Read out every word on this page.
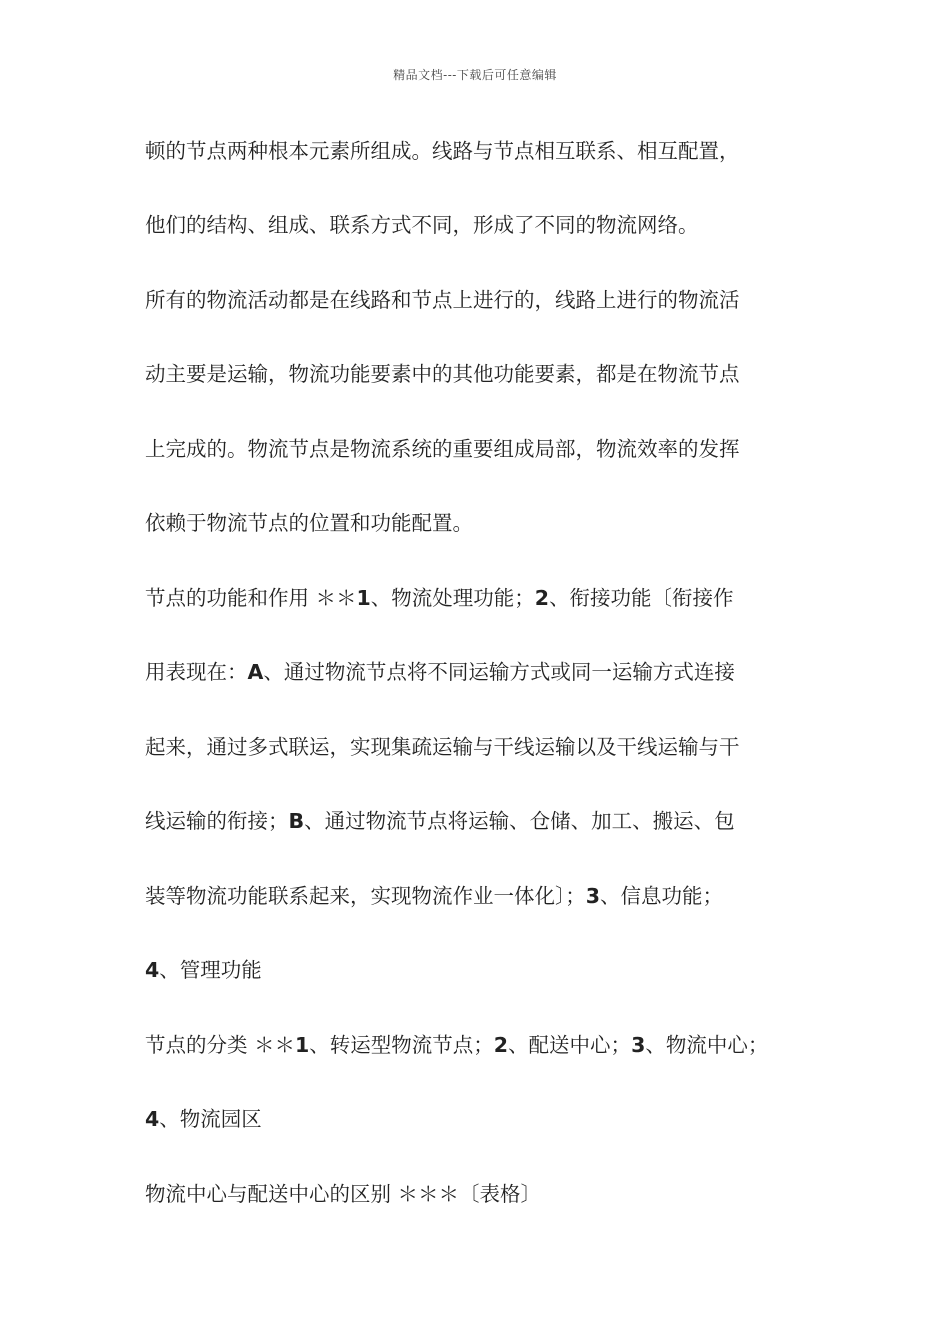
精品文档---下载后可任意编辑
顿的节点两种根本元素所组成。线路与节点相互联系、相互配置，
他们的结构、组成、联系方式不同，形成了不同的物流网络。
所有的物流活动都是在线路和节点上进行的，线路上进行的物流活
动主要是运输，物流功能要素中的其他功能要素，都是在物流节点
上完成的。物流节点是物流系统的重要组成局部，物流效率的发挥
依赖于物流节点的位置和功能配置。
节点的功能和作用 ＊＊1、物流处理功能；2、衔接功能〔衔接作
用表现在：A、通过物流节点将不同运输方式或同一运输方式连接
起来，通过多式联运，实现集疏运输与干线运输以及干线运输与干
线运输的衔接；B、通过物流节点将运输、仓储、加工、搬运、包
装等物流功能联系起来，实现物流作业一体化〕；3、信息功能；
4、管理功能
节点的分类 ＊＊1、转运型物流节点；2、配送中心；3、物流中心；
4、物流园区
物流中心与配送中心的区别 ＊＊＊〔表格〕
